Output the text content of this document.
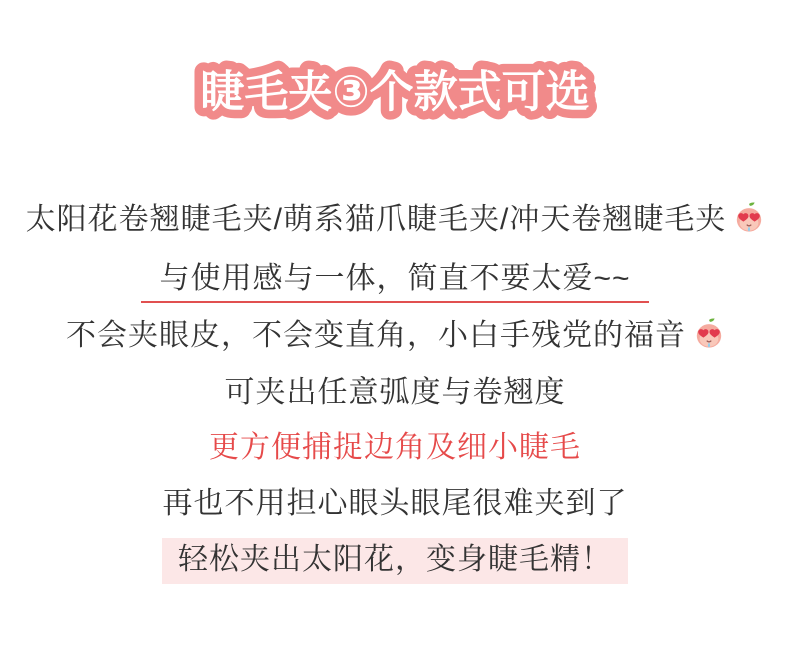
睫毛夹③个款式可选
太阳花卷翘睫毛夹/萌系猫爪睫毛夹/冲天卷翘睫毛夹
与使用感与一体，简直不要太爱~~
不会夹眼皮，不会变直角，小白手残党的福音
可夹出任意弧度与卷翘度
更方便捕捉边角及细小睫毛
再也不用担心眼头眼尾很难夹到了
轻松夹出太阳花，变身睫毛精！
